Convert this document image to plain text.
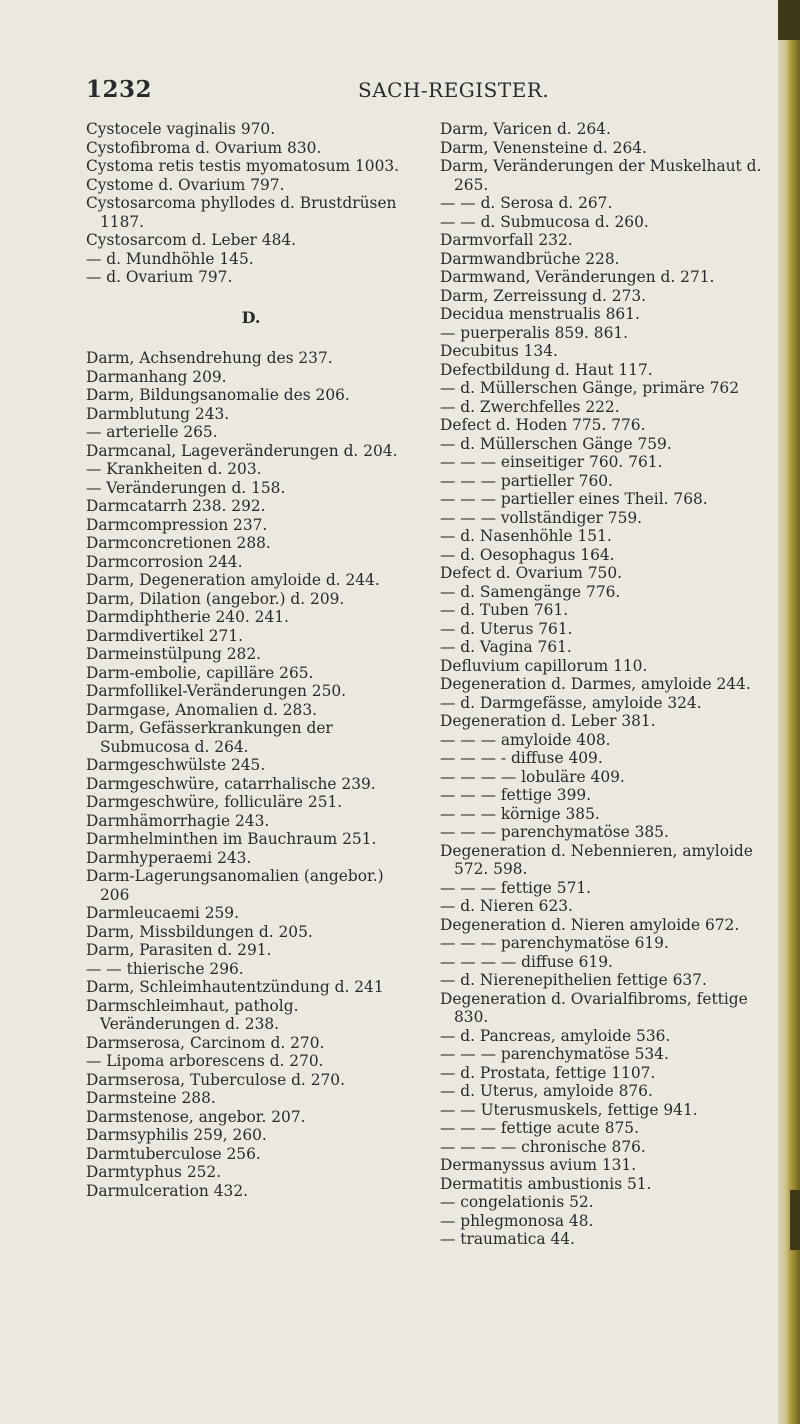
1232	SACH-REGISTER.

Cystocele vaginalis 970.

Cystofibroma d. Ovarium 830.

Cystoma retis testis myomatosum 1003.

Cystome d. Ovarium 797.

Cystosarcoma phyllodes d. Brustdrüsen 1187.

Cystosarcom d. Leber 484.

— d. Mundhöhle 145.

— d. Ovarium 797.

D.

Darm, Achsendrehung des 237.

Darmanhang 209.

Darm, Bildungsanomalie des 206.

Darmblutung 243.

— arterielle 265.

Darmcanal, Lageveränderungen d. 204.

— Krankheiten d. 203.

— Veränderungen d. 158.

Darmcatarrh 238. 292.

Darmcompression 237.

Darmconcretionen 288.

Darmcorrosion 244.

Darm, Degeneration amyloide d. 244.

Darm, Dilation (angebor.) d. 209.

Darmdiphtherie 240. 241.

Darmdivertikel 271.

Darmeinstülpung 282.

Darm-embolie, capilläre 265.

Darmfollikel-Veränderungen 250.

Darmgase, Anomalien d. 283.

Darm, Gefässerkrankungen der Submucosa d. 264.

Darmgeschwülste 245.

Darmgeschwüre, catarrhalische 239.

Darmgeschwüre, folliculäre 251.

Darmhämorrhagie 243.

Darmhelminthen im Bauchraum 251.

Darmhyperaemi 243.

Darm-Lagerungsanomalien (angebor.) 206

Darmleucaemi 259.

Darm, Missbildungen d. 205.

Darm, Parasiten d. 291.

— — thierische 296.

Darm, Schleimhautentzündung d. 241

Darmschleimhaut, patholg. Veränderungen d. 238.

Darmserosa, Carcinom d. 270.

— Lipoma arborescens d. 270.

Darmserosa, Tuberculose d. 270.

Darmsteine 288.

Darmstenose, angebor. 207.

Darmsyphilis 259, 260.

Darmtuberculose 256.

Darmtyphus 252.

Darmulceration 432.

Darm, Varicen d. 264.

Darm, Venensteine d. 264.

Darm, Veränderungen der Muskelhaut d. 265.

— — d. Serosa d. 267.

— — d. Submucosa d. 260.

Darmvorfall 232.

Darmwandbrüche 228.

Darmwand, Veränderungen d. 271.

Darm, Zerreissung d. 273.

Decidua menstrualis 861.

— puerperalis 859. 861.

Decubitus 134.

Defectbildung d. Haut 117.

— d. Müllerschen Gänge, primäre 762

— d. Zwerchfelles 222.

Defect d. Hoden 775. 776.

— d. Müllerschen Gänge 759.

— — — einseitiger 760. 761.

— — — partieller 760.

— — — partieller eines Theil. 768.

— — — vollständiger 759.

— d. Nasenhöhle 151.

— d. Oesophagus 164.

Defect d. Ovarium 750.

— d. Samengänge 776.

— d. Tuben 761.

— d. Uterus 761.

— d. Vagina 761.

Defluvium capillorum 110.

Degeneration d. Darmes, amyloide 244.

— d. Darmgefässe, amyloide 324.

Degeneration d. Leber 381.

— — — amyloide 408.

— — — - diffuse 409.

— — — — lobuläre 409.

— — — fettige 399.

— — — körnige 385.

— — — parenchymatöse 385.

Degeneration d. Nebennieren, amyloide 572. 598.

— — — fettige 571.

— d. Nieren 623.

Degeneration d. Nieren amyloide 672.

— — — parenchymatöse 619.

— — — — diffuse 619.

— d. Nierenepithelien fettige 637.

Degeneration d. Ovarialfibroms, fettige 830.

— d. Pancreas, amyloide 536.

— — — parenchymatöse 534.

— d. Prostata, fettige 1107.

— d. Uterus, amyloide 876.

— — Uterusmuskels, fettige 941.

— — — fettige acute 875.

— — — — chronische 876.

Dermanyssus avium 131.

Dermatitis ambustionis 51.

— congelationis 52.

— phlegmonosa 48.

— traumatica 44.
